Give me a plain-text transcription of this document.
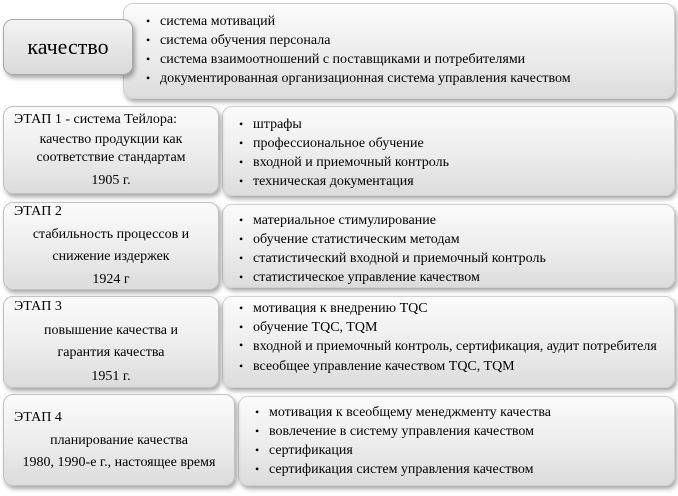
• система мотиваций
• система обучения персонала
• система взаимоотношений с поставщиками и потребителями
• документированная организационная система управления качеством
качество
• штрафы
• профессиональное обучение
• входной и приемочный контроль
• техническая документация
ЭТАП 1 - система Тейлора:
качество продукции как соответствие стандартам
1905 г.
• материальное стимулирование
• обучение статистическим методам
• статистический входной и приемочный контроль
• статистическое управление качеством
ЭТАП 2
стабильность процессов и снижение издержек
1924 г
• мотивация к внедрению TQC
• обучение TQC, TQM
• входной и приемочный контроль, сертификация, аудит потребителя
• всеобщее управление качеством TQC, TQM
ЭТАП 3
повышение качества и гарантия качества
1951 г.
• мотивация к всеобщему менеджменту качества
• вовлечение в систему управления качеством
• сертификация
• сертификация систем управления качеством
ЭТАП 4
планирование качества
1980, 1990-е г., настоящее время
